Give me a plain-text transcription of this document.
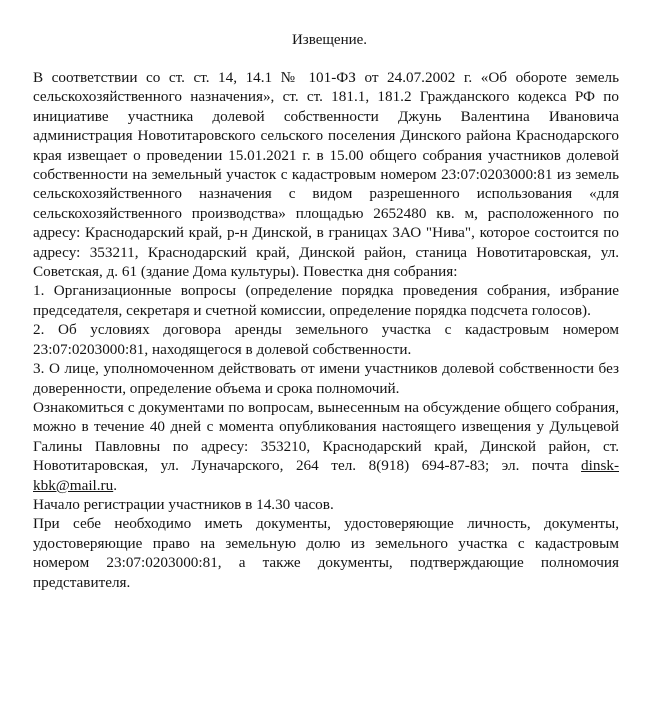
Извещение.

В соответствии со ст. ст. 14, 14.1 № 101-ФЗ от 24.07.2002 г. «Об обороте земель сельскохозяйственного назначения», ст. ст. 181.1, 181.2 Гражданского кодекса РФ по инициативе участника долевой собственности Джунь Валентина Ивановича администрация Новотитаровского сельского поселения Динского района Краснодарского края извещает о проведении 15.01.2021 г. в 15.00 общего собрания участников долевой собственности на земельный участок с кадастровым номером 23:07:0203000:81 из земель сельскохозяйственного назначения с видом разрешенного использования «для сельскохозяйственного производства» площадью 2652480 кв. м, расположенного по адресу: Краснодарский край, р-н Динской, в границах ЗАО "Нива", которое состоится по адресу: 353211, Краснодарский край, Динской район, станица Новотитаровская, ул. Советская, д. 61 (здание Дома культуры). Повестка дня собрания:

1. Организационные вопросы (определение порядка проведения собрания, избрание председателя, секретаря и счетной комиссии, определение порядка подсчета голосов).

2. Об условиях договора аренды земельного участка с кадастровым номером 23:07:0203000:81, находящегося в долевой собственности.

3. О лице, уполномоченном действовать от имени участников долевой собственности без доверенности, определение объема и срока полномочий.

Ознакомиться с документами по вопросам, вынесенным на обсуждение общего собрания, можно в течение 40 дней с момента опубликования настоящего извещения у Дульцевой Галины Павловны по адресу: 353210, Краснодарский край, Динской район, ст. Новотитаровская, ул. Луначарского, 264 тел. 8(918) 694-87-83; эл. почта dinsk-kbk@mail.ru.

Начало регистрации участников в 14.30 часов.

При себе необходимо иметь документы, удостоверяющие личность, документы, удостоверяющие право на земельную долю из земельного участка с кадастровым номером 23:07:0203000:81, а также документы, подтверждающие полномочия представителя.
